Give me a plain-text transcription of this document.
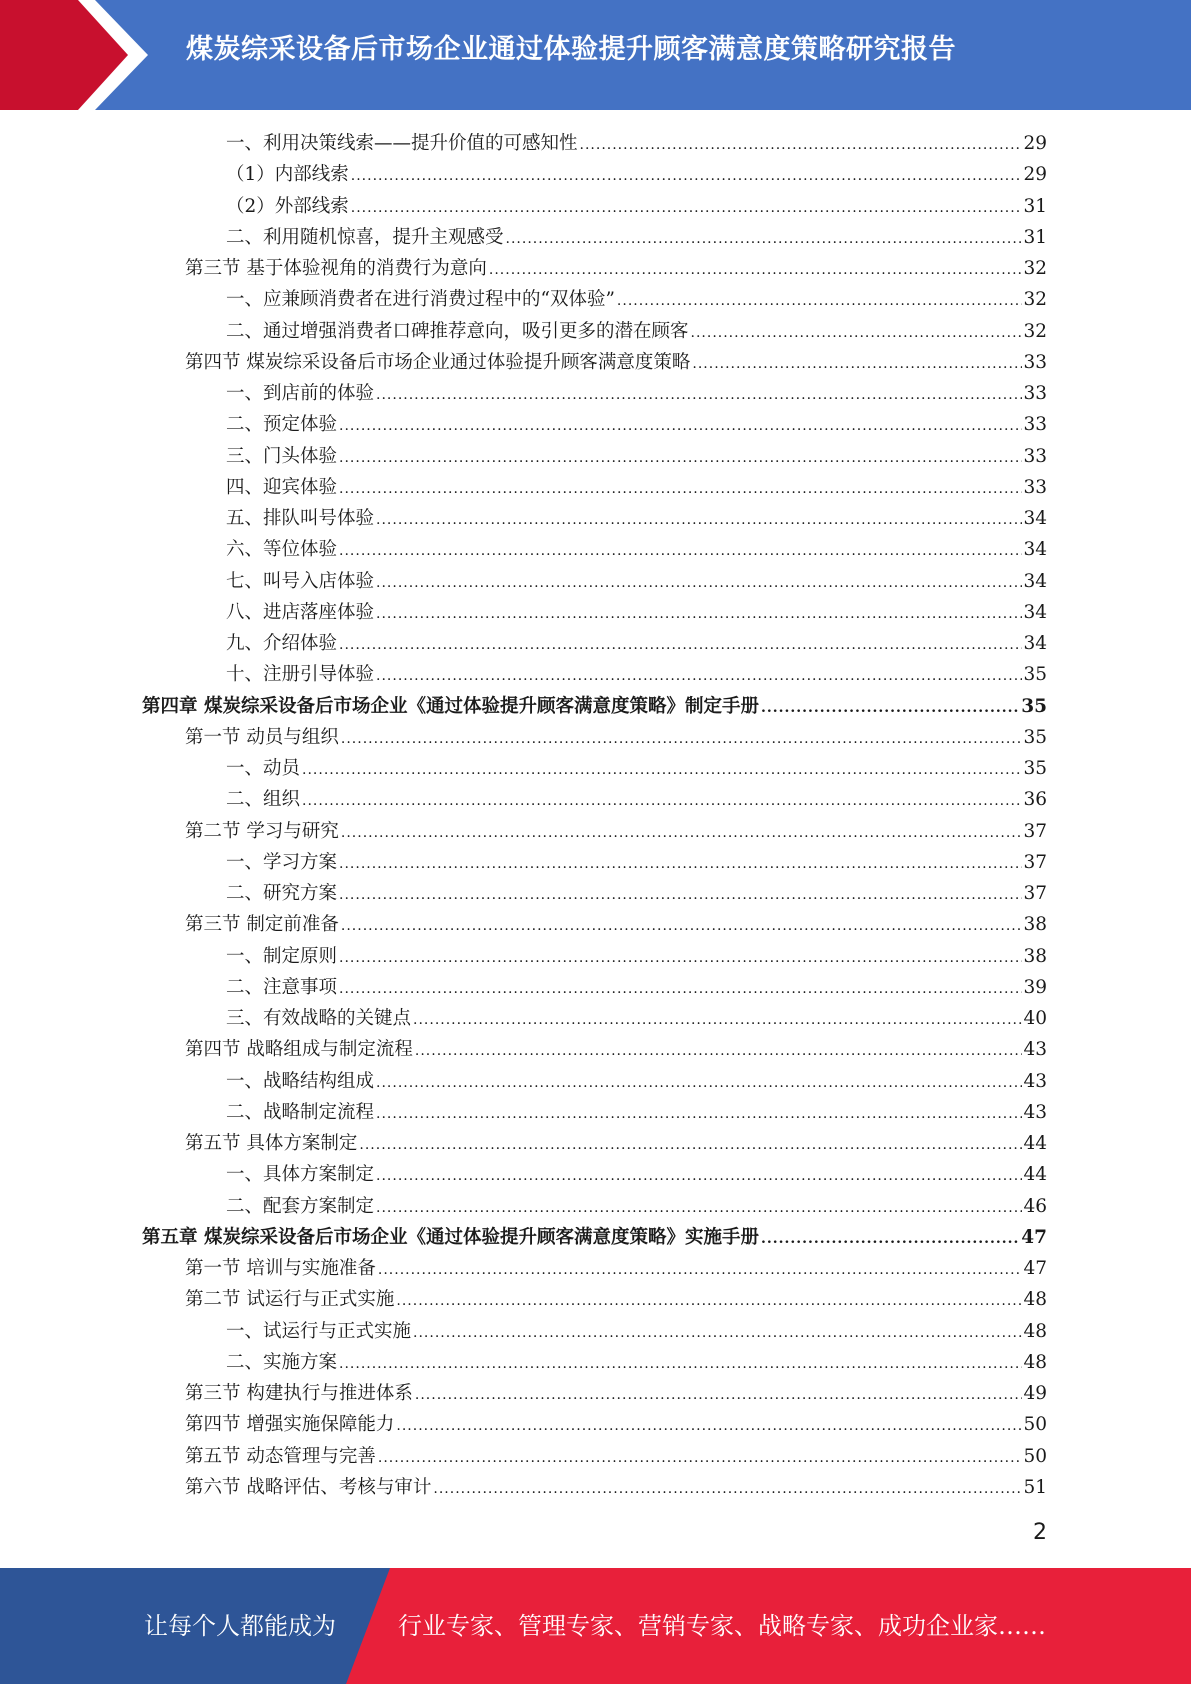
煤炭综采设备后市场企业通过体验提升顾客满意度策略研究报告
一、利用决策线索——提升价值的可感知性 .....	29
（1）内部线索 .....	29
（2）外部线索 .....	31
二、利用随机惊喜，提升主观感受 .....	31
第三节 基于体验视角的消费行为意向 .....	32
一、应兼顾消费者在进行消费过程中的“双体验” .....	32
二、通过增强消费者口碑推荐意向，吸引更多的潜在顾客 .....	32
第四节 煤炭综采设备后市场企业通过体验提升顾客满意度策略 .....	33
一、到店前的体验 .....	33
二、预定体验 .....	33
三、门头体验 .....	33
四、迎宾体验 .....	33
五、排队叫号体验 .....	34
六、等位体验 .....	34
七、叫号入店体验 .....	34
八、进店落座体验 .....	34
九、介绍体验 .....	34
十、注册引导体验 .....	35
第四章 煤炭综采设备后市场企业《通过体验提升顾客满意度策略》制定手册 .....	35
第一节 动员与组织 .....	35
一、动员 .....	35
二、组织 .....	36
第二节 学习与研究 .....	37
一、学习方案 .....	37
二、研究方案 .....	37
第三节 制定前准备 .....	38
一、制定原则 .....	38
二、注意事项 .....	39
三、有效战略的关键点 .....	40
第四节 战略组成与制定流程 .....	43
一、战略结构组成 .....	43
二、战略制定流程 .....	43
第五节 具体方案制定 .....	44
一、具体方案制定 .....	44
二、配套方案制定 .....	46
第五章 煤炭综采设备后市场企业《通过体验提升顾客满意度策略》实施手册 .....	47
第一节 培训与实施准备 .....	47
第二节 试运行与正式实施 .....	48
一、试运行与正式实施 .....	48
二、实施方案 .....	48
第三节 构建执行与推进体系 .....	49
第四节 增强实施保障能力 .....	50
第五节 动态管理与完善 .....	50
第六节 战略评估、考核与审计 .....	51
2
让每个人都能成为	行业专家、管理专家、营销专家、战略专家、成功企业家……
